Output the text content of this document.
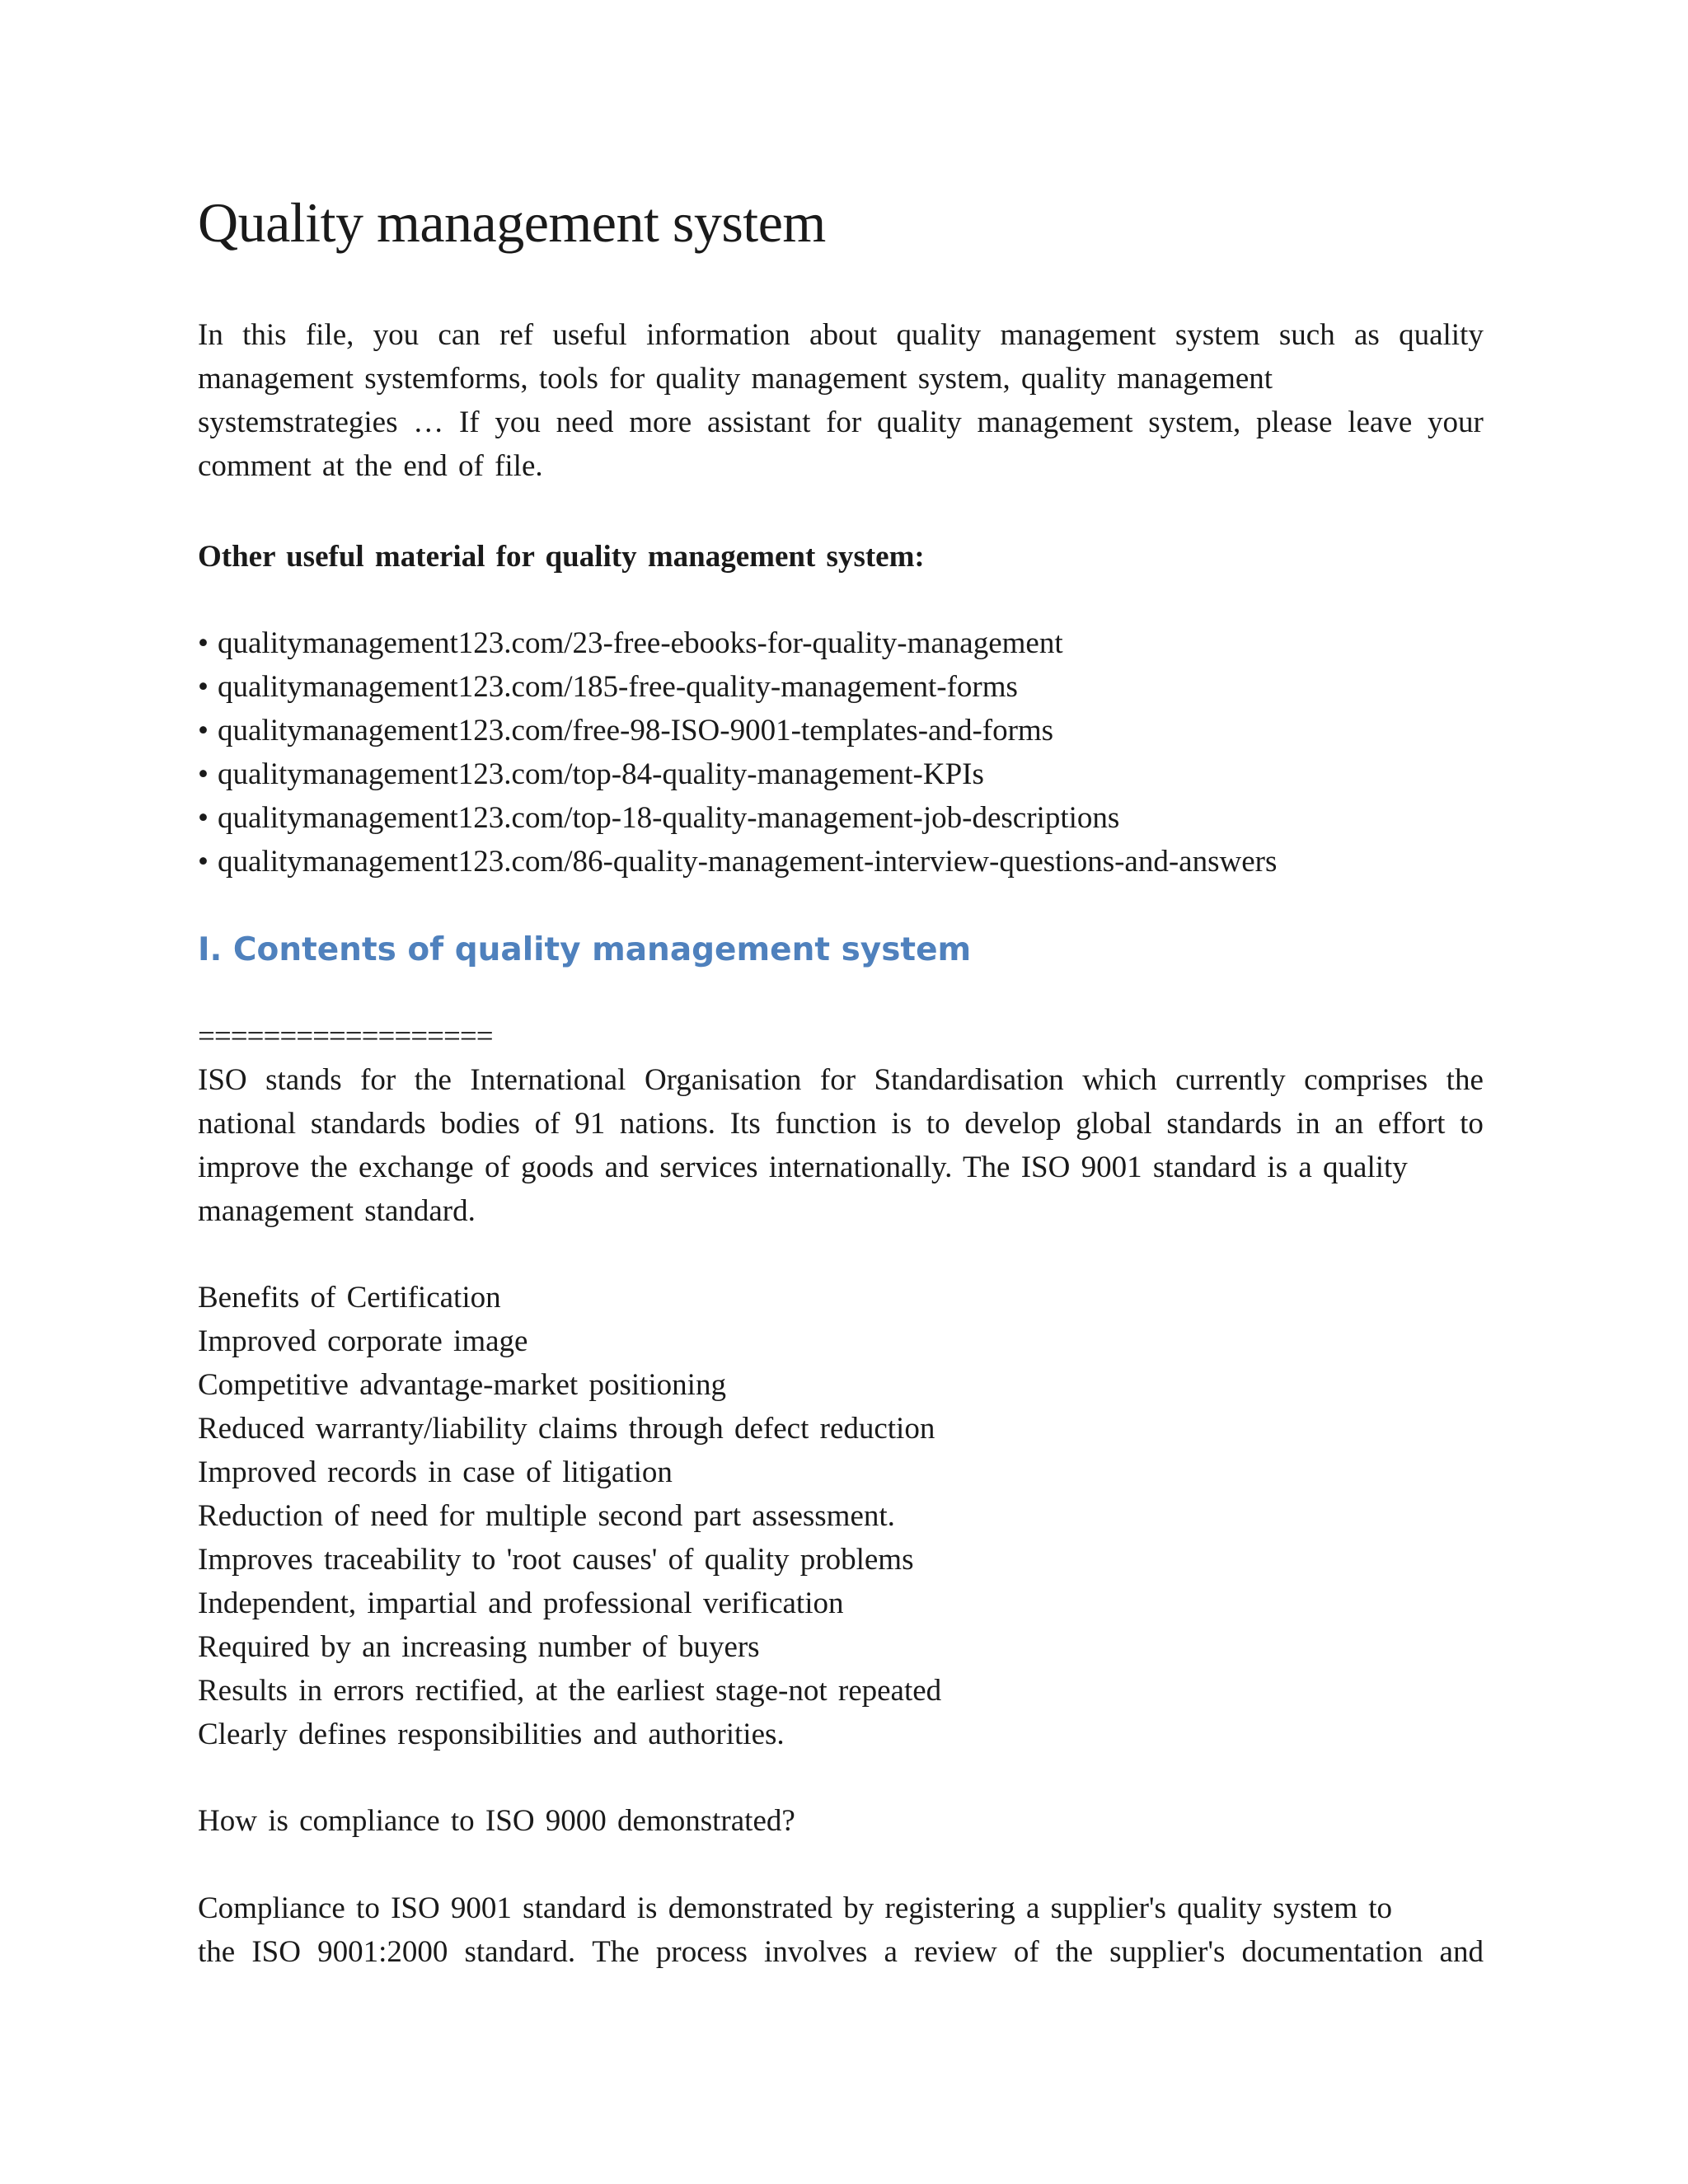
Quality management system
In this file, you can ref useful information about quality management system such as quality
management systemforms, tools for quality management system, quality management
systemstrategies … If you need more assistant for quality management system, please leave your
comment at the end of file.

Other useful material for quality management system:

• qualitymanagement123.com/23-free-ebooks-for-quality-management
• qualitymanagement123.com/185-free-quality-management-forms
• qualitymanagement123.com/free-98-ISO-9001-templates-and-forms
• qualitymanagement123.com/top-84-quality-management-KPIs
• qualitymanagement123.com/top-18-quality-management-job-descriptions
• qualitymanagement123.com/86-quality-management-interview-questions-and-answers
I. Contents of quality management system

==================

ISO stands for the International Organisation for Standardisation which currently comprises the
national standards bodies of 91 nations. Its function is to develop global standards in an effort to
improve the exchange of goods and services internationally. The ISO 9001 standard is a quality
management standard.
Benefits of Certification
Improved corporate image
Competitive advantage-market positioning
Reduced warranty/liability claims through defect reduction
Improved records in case of litigation
Reduction of need for multiple second part assessment.
Improves traceability to 'root causes' of quality problems
Independent, impartial and professional verification
Required by an increasing number of buyers
Results in errors rectified, at the earliest stage-not repeated
Clearly defines responsibilities and authorities.
How is compliance to ISO 9000 demonstrated?
Compliance to ISO 9001 standard is demonstrated by registering a supplier's quality system to
the ISO 9001:2000 standard. The process involves a review of the supplier's documentation and
